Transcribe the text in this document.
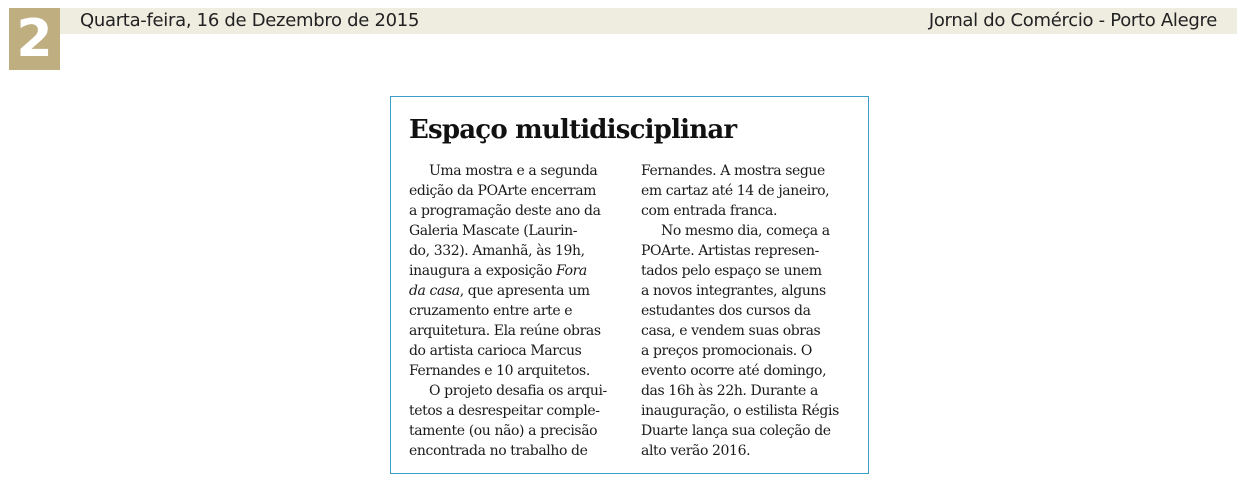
2	Quarta-feira, 16 de Dezembro de 2015	Jornal do Comércio - Porto Alegre
Espaço multidisciplinar
Uma mostra e a segunda
edição da POArte encerram
a programação deste ano da
Galeria Mascate (Laurin-
do, 332). Amanhã, às 19h,
inaugura a exposição Fora
da casa, que apresenta um
cruzamento entre arte e
arquitetura. Ela reúne obras
do artista carioca Marcus
Fernandes e 10 arquitetos.
O projeto desafia os arqui-
tetos a desrespeitar comple-
tamente (ou não) a precisão
encontrada no trabalho de
Fernandes. A mostra segue
em cartaz até 14 de janeiro,
com entrada franca.
No mesmo dia, começa a
POArte. Artistas represen-
tados pelo espaço se unem
a novos integrantes, alguns
estudantes dos cursos da
casa, e vendem suas obras
a preços promocionais. O
evento ocorre até domingo,
das 16h às 22h. Durante a
inauguração, o estilista Régis
Duarte lança sua coleção de
alto verão 2016.
